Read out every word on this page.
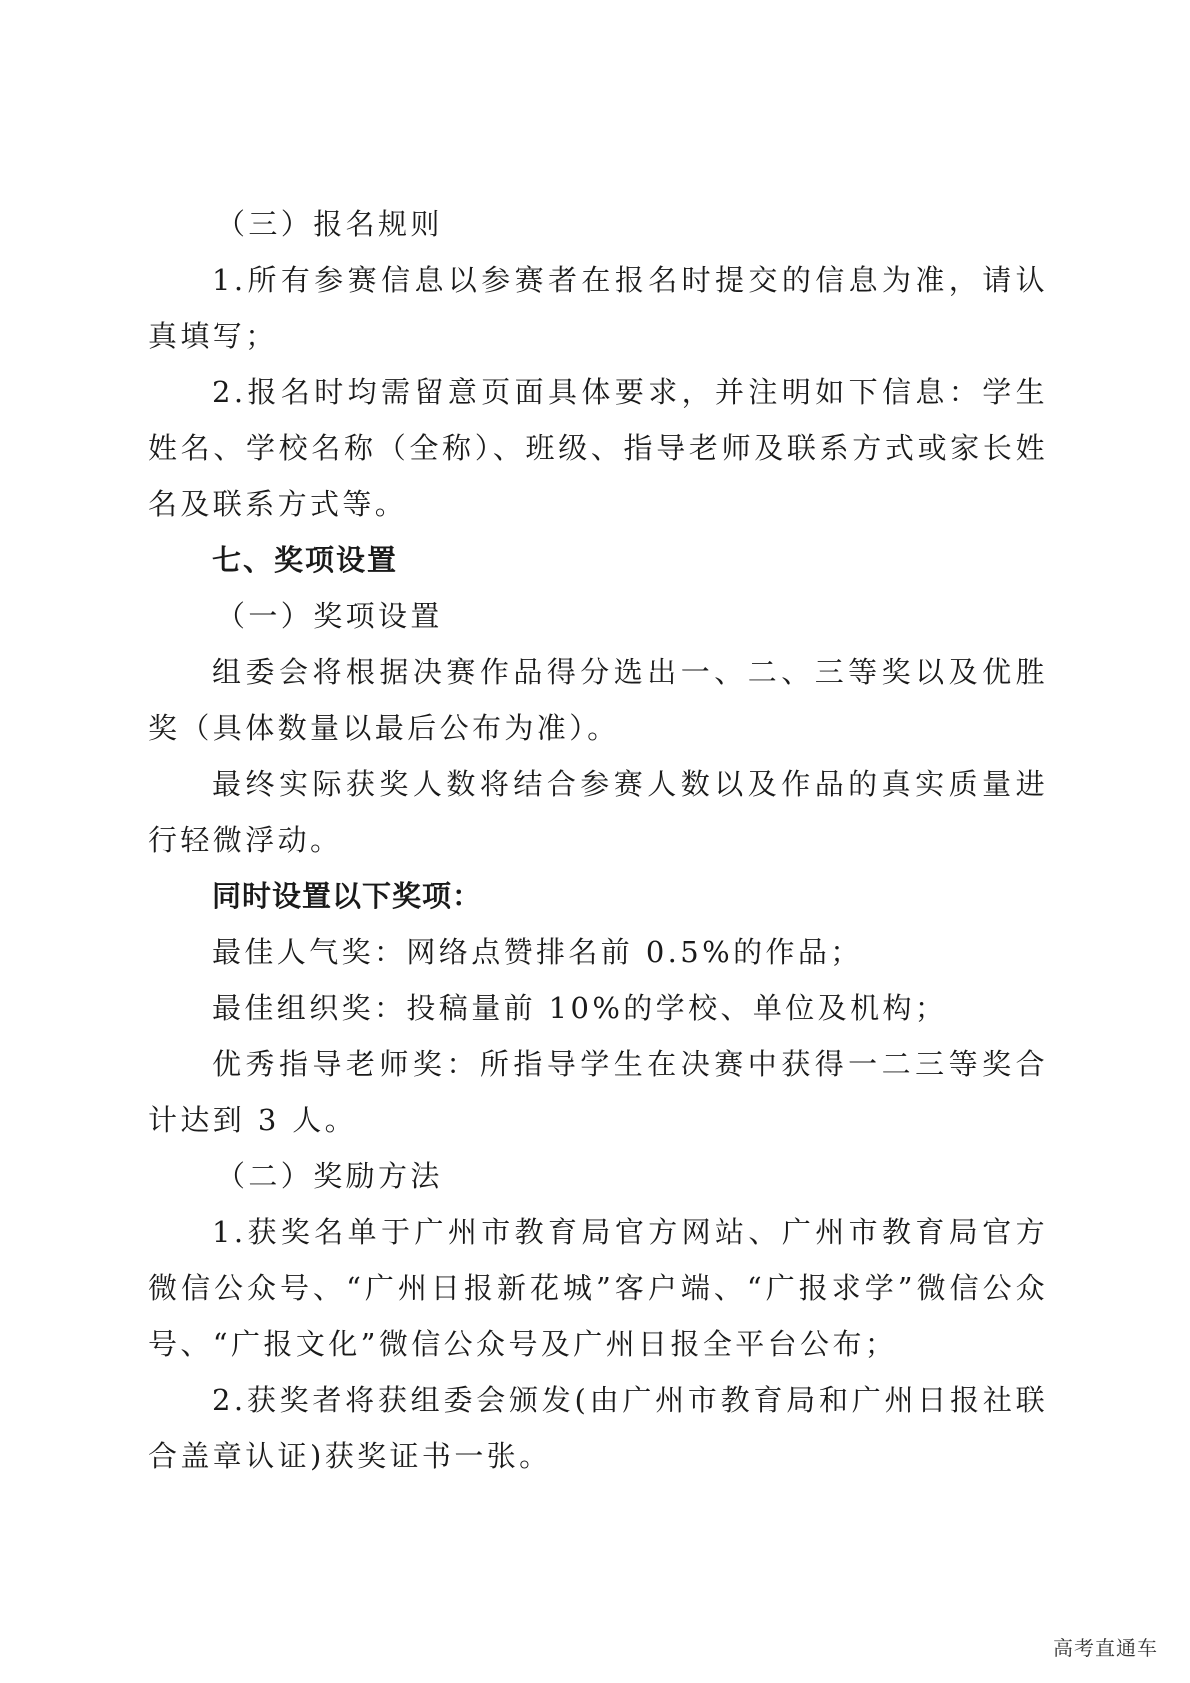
（三）报名规则

1.所有参赛信息以参赛者在报名时提交的信息为准，请认真填写；

2.报名时均需留意页面具体要求，并注明如下信息：学生姓名、学校名称（全称）、班级、指导老师及联系方式或家长姓名及联系方式等。

七、奖项设置

（一）奖项设置

组委会将根据决赛作品得分选出一、二、三等奖以及优胜奖（具体数量以最后公布为准）。

最终实际获奖人数将结合参赛人数以及作品的真实质量进行轻微浮动。

同时设置以下奖项：

最佳人气奖：网络点赞排名前 0.5%的作品；

最佳组织奖：投稿量前 10%的学校、单位及机构；

优秀指导老师奖：所指导学生在决赛中获得一二三等奖合计达到 3 人。

（二）奖励方法

1.获奖名单于广州市教育局官方网站、广州市教育局官方微信公众号、“广州日报新花城”客户端、“广报求学”微信公众号、“广报文化”微信公众号及广州日报全平台公布；

2.获奖者将获组委会颁发(由广州市教育局和广州日报社联合盖章认证)获奖证书一张。

高考直通车
